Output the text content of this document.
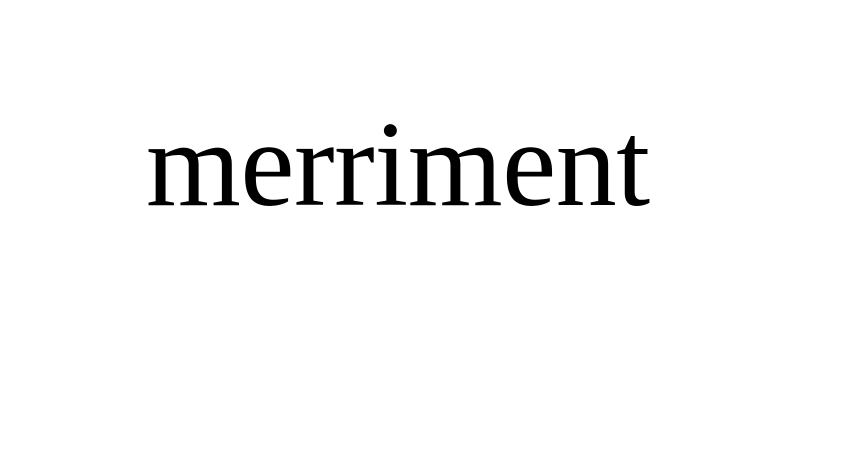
merriment
